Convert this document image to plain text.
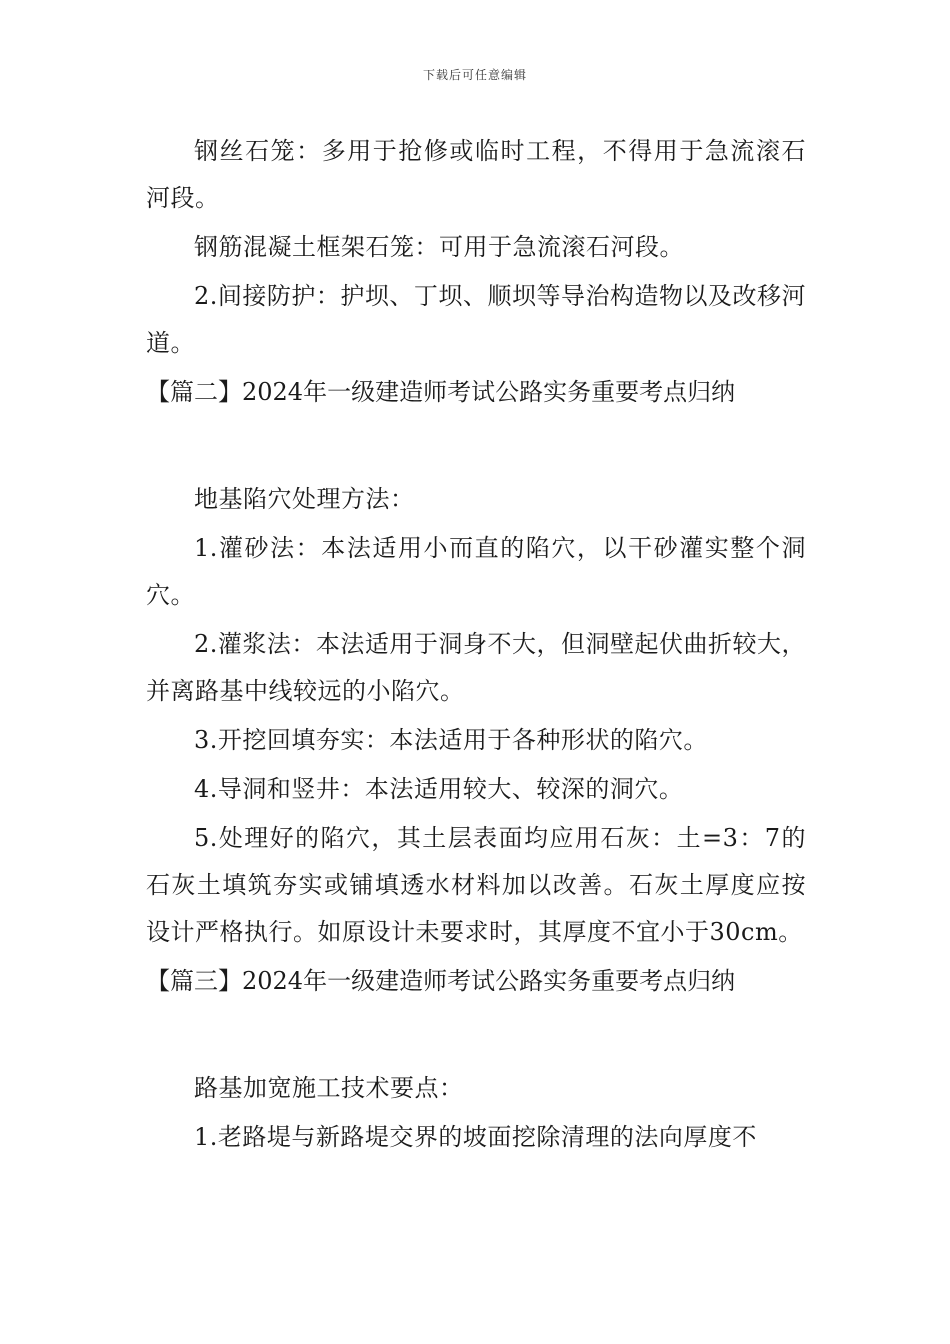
下载后可任意编辑

钢丝石笼：多用于抢修或临时工程，不得用于急流滚石河段。

钢筋混凝土框架石笼：可用于急流滚石河段。

2.间接防护：护坝、丁坝、顺坝等导治构造物以及改移河道。

【篇二】2024年一级建造师考试公路实务重要考点归纳

地基陷穴处理方法：

1.灌砂法：本法适用小而直的陷穴，以干砂灌实整个洞穴。

2.灌浆法：本法适用于洞身不大，但洞壁起伏曲折较大，并离路基中线较远的小陷穴。

3.开挖回填夯实：本法适用于各种形状的陷穴。

4.导洞和竖井：本法适用较大、较深的洞穴。

5.处理好的陷穴，其土层表面均应用石灰：土=3：7的石灰土填筑夯实或铺填透水材料加以改善。石灰土厚度应按设计严格执行。如原设计未要求时，其厚度不宜小于30cm。

【篇三】2024年一级建造师考试公路实务重要考点归纳

路基加宽施工技术要点：

1.老路堤与新路堤交界的坡面挖除清理的法向厚度不
